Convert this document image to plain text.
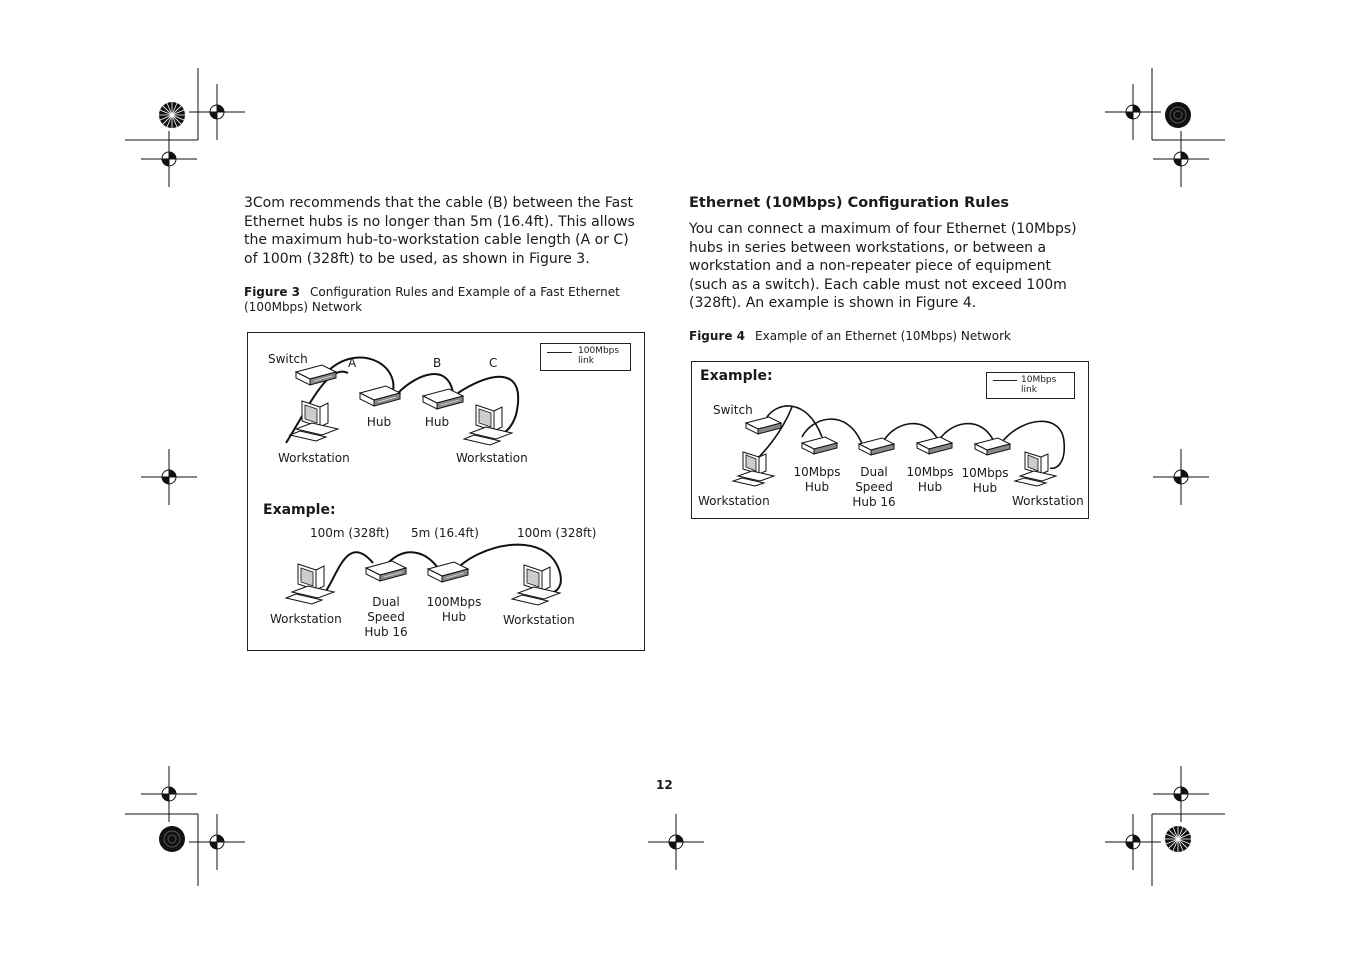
3Com recommends that the cable (B) between the Fast Ethernet hubs is no longer than 5m (16.4ft). This allows the maximum hub-to-workstation cable length (A or C) of 100m (328ft) to be used, as shown in Figure 3.

Figure 3 Configuration Rules and Example of a Fast Ethernet (100Mbps) Network

100Mbps link
Switch	A	B	C
Hub	Hub
Workstation	Workstation
Example:
100m (328ft) 5m (16.4ft)	100m (328ft)
Workstation
Dual
Speed
Hub 16
100Mbps
Hub	Workstation

Ethernet (10Mbps) Configuration Rules

You can connect a maximum of four Ethernet (10Mbps) hubs in series between workstations, or between a workstation and a non-repeater piece of equipment (such as a switch). Each cable must not exceed 100m (328ft). An example is shown in Figure 4.

Figure 4 Example of an Ethernet (10Mbps) Network

Example:	10Mbps link
Switch
Workstation
10Mbps
Hub
Dual
Speed
Hub 16
10Mbps
Hub
10Mbps
Hub
Workstation
12
